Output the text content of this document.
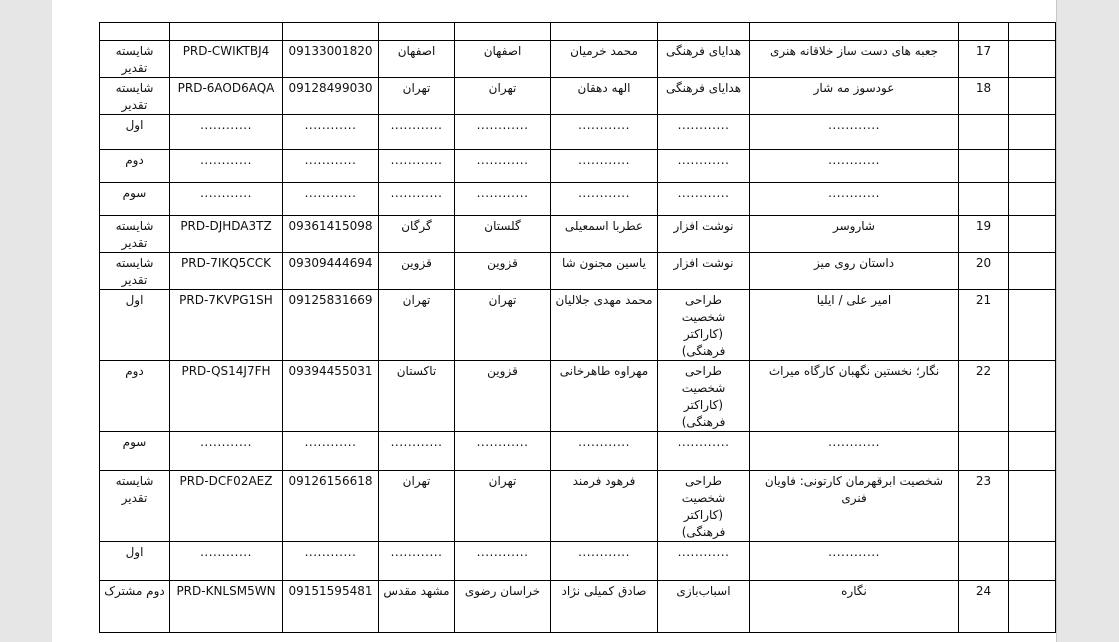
شایسته تقدیر	PRD-CWIKTBJ4	09133001820	اصفهان	اصفهان	محمد خرمیان	هدایای فرهنگی	جعبه های دست ساز خلاقانه هنری	17	
شایسته تقدیر	PRD-6AOD6AQA	09128499030	تهران	تهران	الهه دهقان	هدایای فرهنگی	عودسوز مه شار	18	
اول	............	............	............	............	............	............	............		
دوم	............	............	............	............	............	............	............		
سوم	............	............	............	............	............	............	............		
شایسته تقدیر	PRD-DJHDA3TZ	09361415098	گرگان	گلستان	عطربا اسمعیلی	نوشت افزار	شاروسر	19	
شایسته تقدیر	PRD-7IKQ5CCK	09309444694	قزوین	قزوین	یاسین مجنون شا	نوشت افزار	داستان روی میز	20	
اول	PRD-7KVPG1SH	09125831669	تهران	تهران	محمد مهدی جلالیان	طراحی شخصیت (کاراکتر فرهنگی)	امیر علی / ایلیا	21	
دوم	PRD-QS14J7FH	09394455031	تاکستان	قزوین	مهراوه طاهرخانی	طراحی شخصیت (کاراکتر فرهنگی)	نگار؛ نخستین نگهبان کارگاه میراث	22	
سوم	............	............	............	............	............	............	............		
شایسته تقدیر	PRD-DCF02AEZ	09126156618	تهران	تهران	فرهود فرمند	طراحی شخصیت (کاراکتر فرهنگی)	شخصیت ابرقهرمان کارتونی: فاویان فنری	23	
اول	............	............	............	............	............	............	............		
دوم مشترک	PRD-KNLSM5WN	09151595481	مشهد مقدس	خراسان رضوی	صادق کمیلی نژاد	اسباب‌بازی	نگاره	24	
